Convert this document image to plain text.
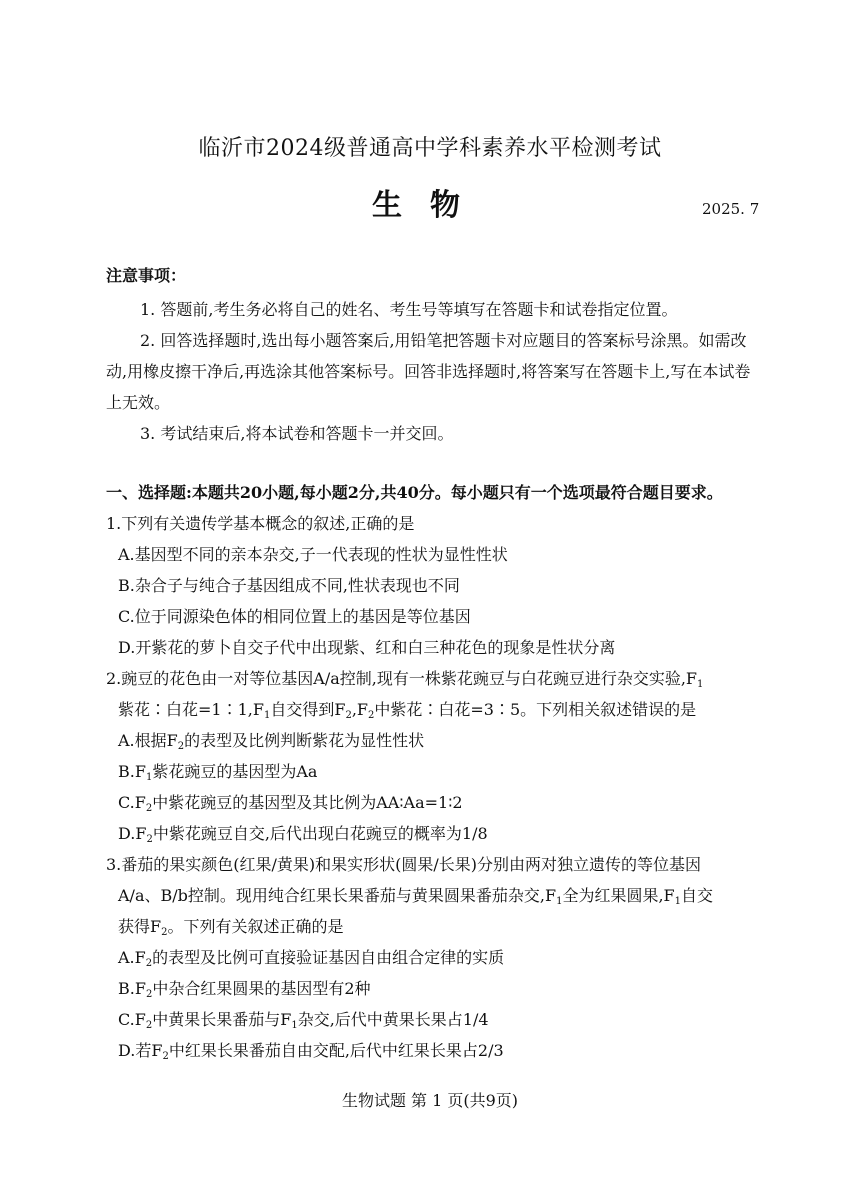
临沂市2024级普通高中学科素养水平检测考试
生物	2025. 7
注意事项：
1. 答题前,考生务必将自己的姓名、考生号等填写在答题卡和试卷指定位置。
2. 回答选择题时,选出每小题答案后,用铅笔把答题卡对应题目的答案标号涂黑。如需改动,用橡皮擦干净后,再选涂其他答案标号。回答非选择题时,将答案写在答题卡上,写在本试卷上无效。
3. 考试结束后,将本试卷和答题卡一并交回。
一、选择题:本题共20小题,每小题2分,共40分。每小题只有一个选项最符合题目要求。
1.下列有关遗传学基本概念的叙述,正确的是
A.基因型不同的亲本杂交,子一代表现的性状为显性性状
B.杂合子与纯合子基因组成不同,性状表现也不同
C.位于同源染色体的相同位置上的基因是等位基因
D.开紫花的萝卜自交子代中出现紫、红和白三种花色的现象是性状分离
2.豌豆的花色由一对等位基因A/a控制,现有一株紫花豌豆与白花豌豆进行杂交实验$,F_1$
紫花∶白花$=1∶1,F_1$自交得到$F_2,F_2$中紫花∶白花=3∶5。下列相关叙述错误的是
A.根据$F_2$的表型及比例判断紫花为显性性状
$B.F_1$紫花豌豆的基因型为Aa
$C.F_2$中紫花豌豆的基因型及其比例为AA∶Aa=1∶2
$D.F_2$中紫花豌豆自交,后代出现白花豌豆的概率为1/8
3.番茄的果实颜色(红果/黄果)和果实形状(圆果/长果)分别由两对独立遗传的等位基因
A/a、B/b控制。现用纯合红果长果番茄与黄果圆果番茄杂交$,F_1$全为红果圆果$,F_1$自交
获得$F_2$。下列有关叙述正确的是
$A.F_2$的表型及比例可直接验证基因自由组合定律的实质
$B.F_2$中杂合红果圆果的基因型有2种
$C.F_2$中黄果长果番茄与$F_1$杂交,后代中黄果长果占1/4
D.若$F_2$中红果长果番茄自由交配,后代中红果长果占2/3
生物试题 第 1 页(共9页)
